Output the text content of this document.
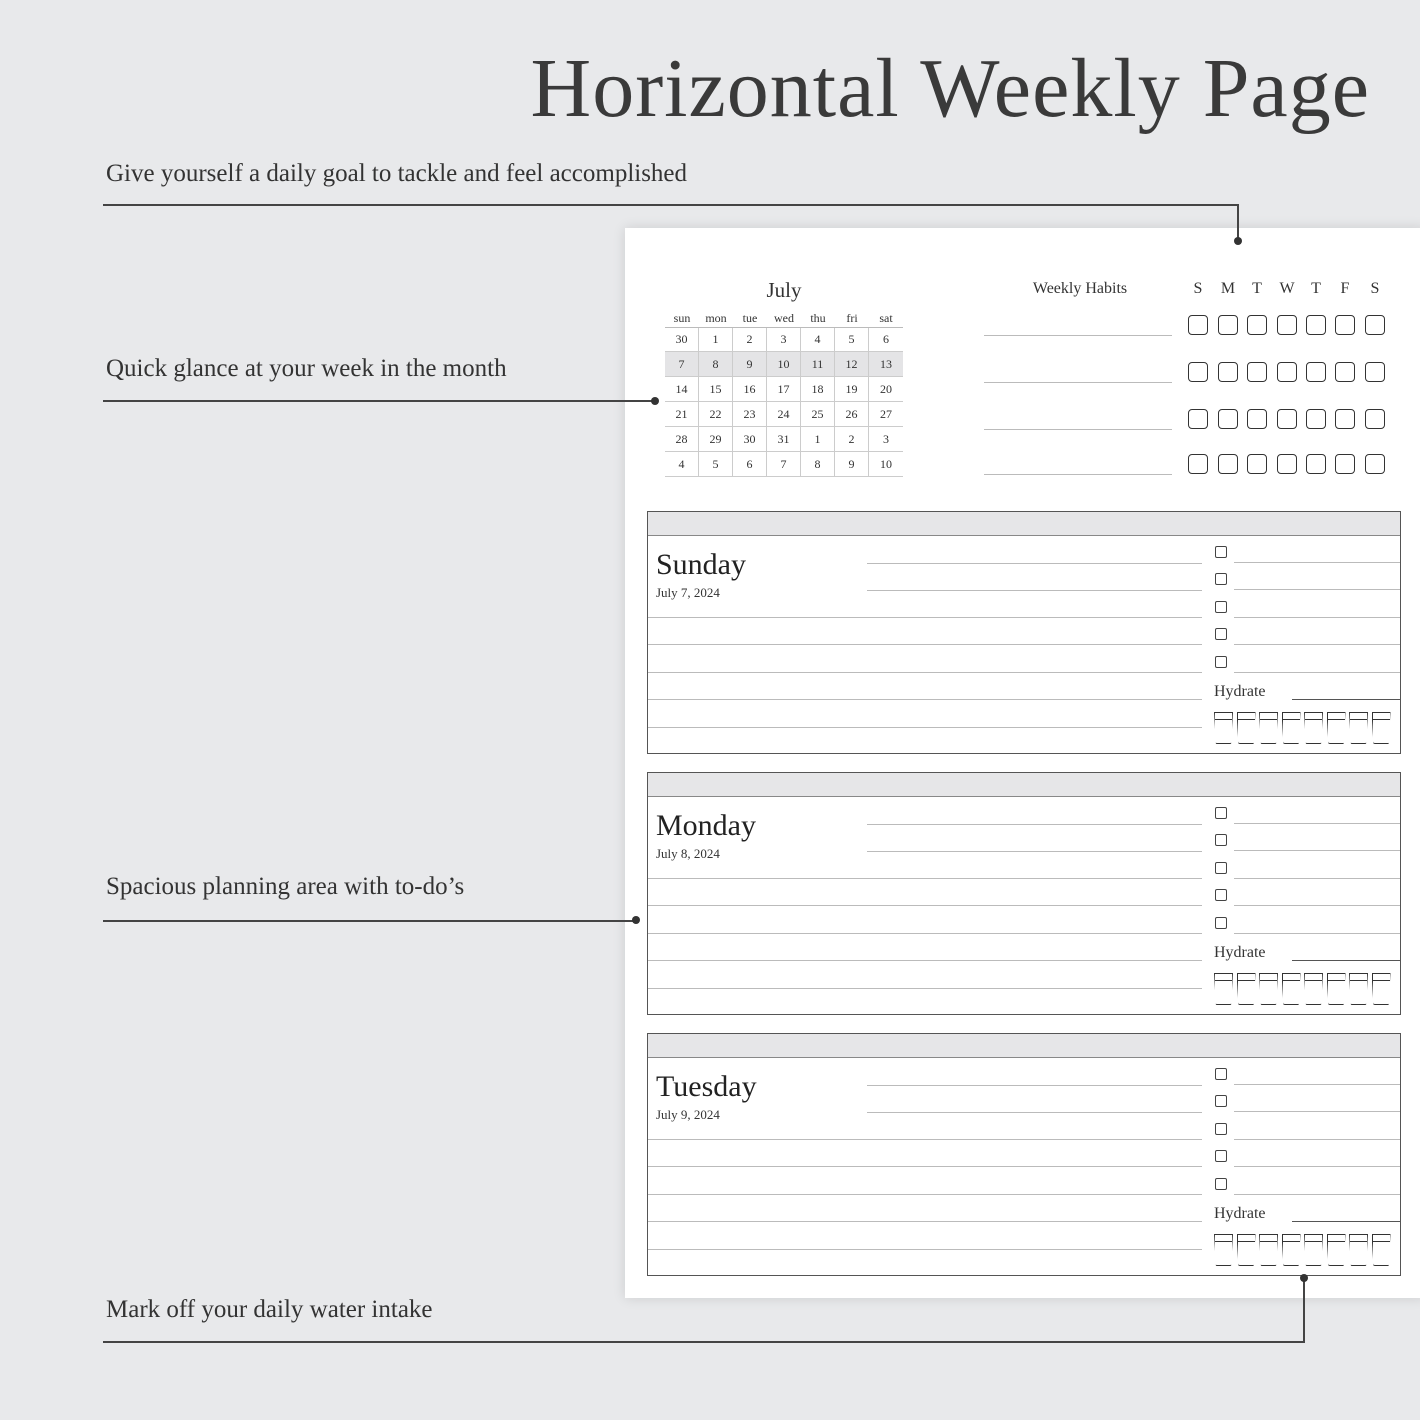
Horizontal Weekly Page
July
sun	mon	tue	wed	thu	fri	sat
30	1	2	3	4	5	6
7	8	9	10	11	12	13
14	15	16	17	18	19	20
21	22	23	24	25	26	27
28	29	30	31	1	2	3
4	5	6	7	8	9	10
Weekly Habits	S	M	T	W	T	F	S
Sunday
July 7, 2024
Hydrate
Monday
July 8, 2024
Hydrate
Tuesday
July 9, 2024
Hydrate
Give yourself a daily goal to tackle and feel accomplished
Quick glance at your week in the month
Spacious planning area with to-do’s
Mark off your daily water intake
